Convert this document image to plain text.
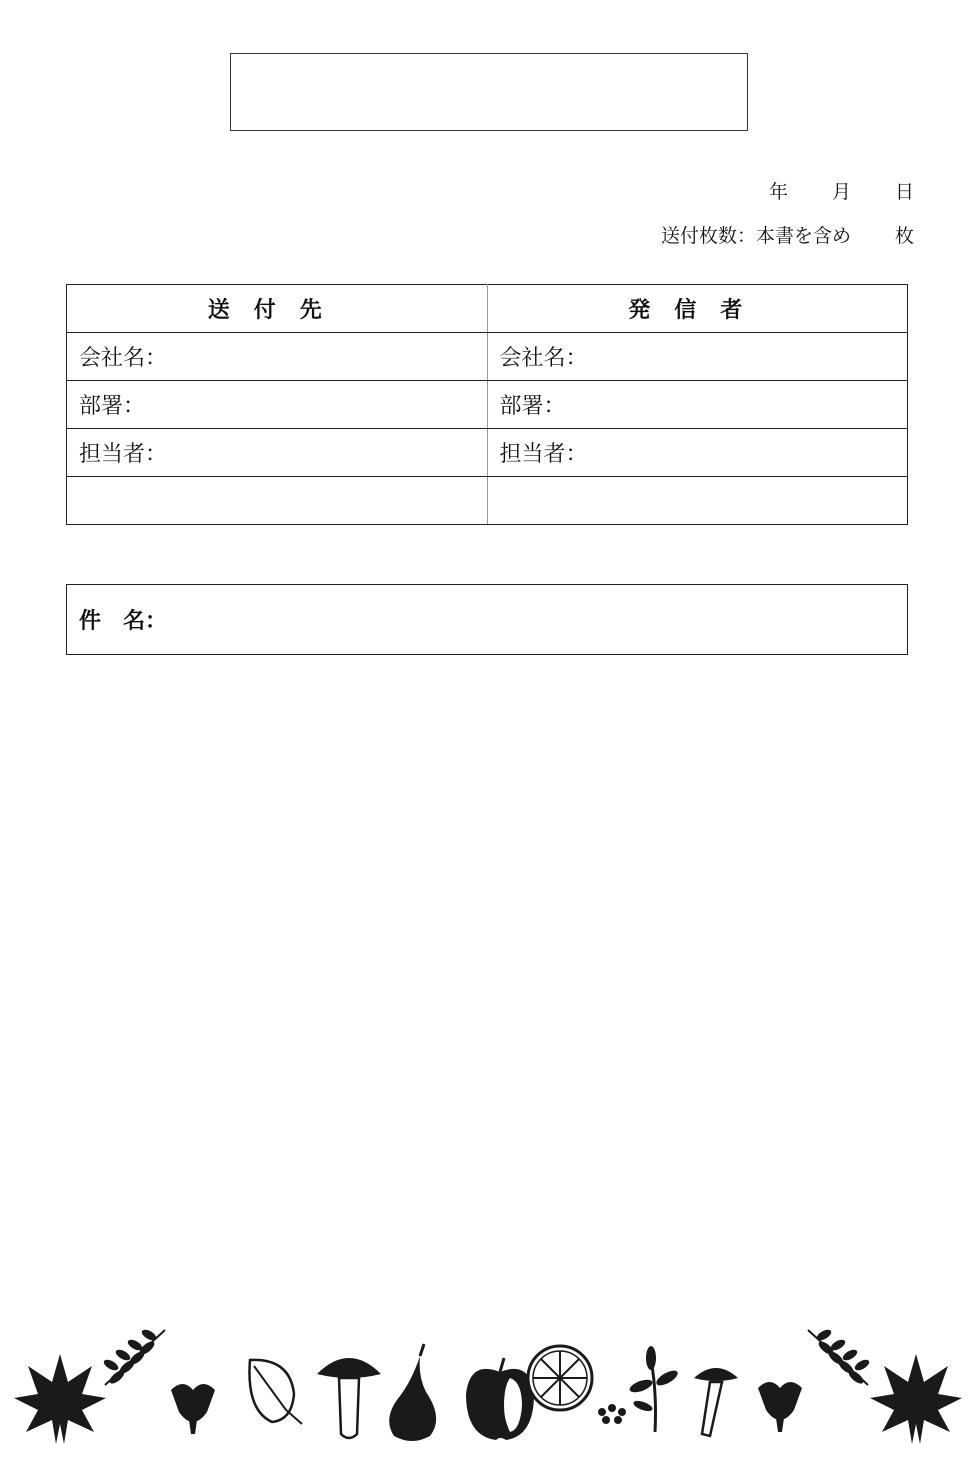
年 月 日
送付枚数：本書を含め 枚
送付先	発信者
会社名：	会社名：
部署：	部署：
担当者：	担当者：

件　名：
